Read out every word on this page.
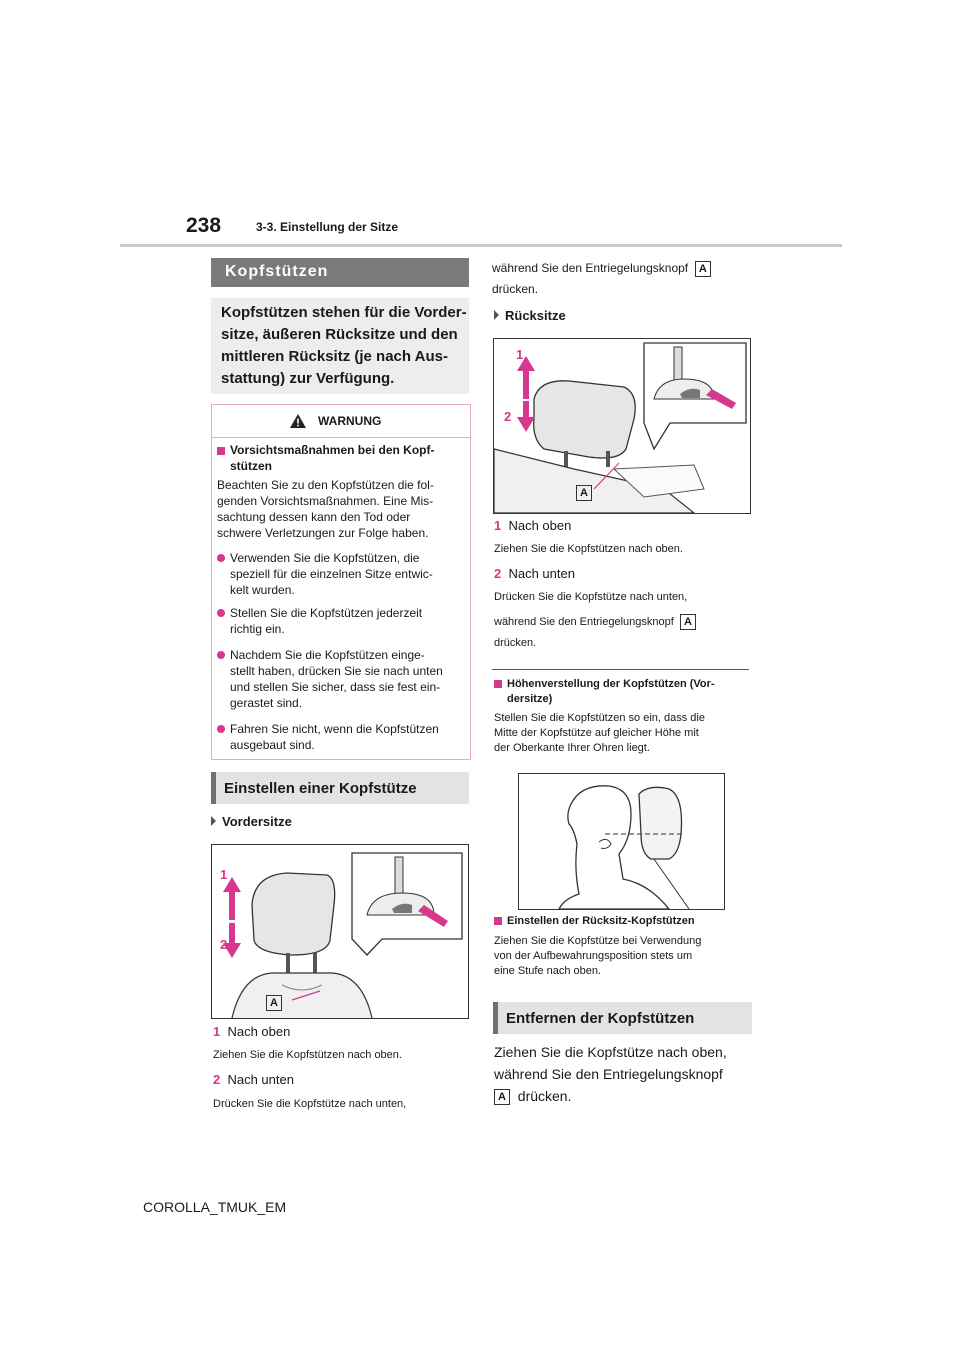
238	3-3. Einstellung der Sitze
Kopfstützen
Kopfstützen stehen für die Vorder-
sitze, äußeren Rücksitze und den
mittleren Rücksitz (je nach Aus-
stattung) zur Verfügung.
WARNUNG
Vorsichtsmaßnahmen bei den Kopf-
stützen
Beachten Sie zu den Kopfstützen die fol-
genden Vorsichtsmaßnahmen. Eine Mis-
sachtung dessen kann den Tod oder
schwere Verletzungen zur Folge haben.
Verwenden Sie die Kopfstützen, die
speziell für die einzelnen Sitze entwic-
kelt wurden.
Stellen Sie die Kopfstützen jederzeit
richtig ein.
Nachdem Sie die Kopfstützen einge-
stellt haben, drücken Sie sie nach unten
und stellen Sie sicher, dass sie fest ein-
gerastet sind.
Fahren Sie nicht, wenn die Kopfstützen
ausgebaut sind.
Einstellen einer Kopfstütze
Vordersitze
1
2
A
1 Nach oben
Ziehen Sie die Kopfstützen nach oben.
2 Nach unten
Drücken Sie die Kopfstütze nach unten,
während Sie den Entriegelungsknopf A
drücken.
Rücksitze
1
2
A
1 Nach oben
Ziehen Sie die Kopfstützen nach oben.
2 Nach unten
Drücken Sie die Kopfstütze nach unten,
während Sie den Entriegelungsknopf A
drücken.
Höhenverstellung der Kopfstützen (Vor-
dersitze)
Stellen Sie die Kopfstützen so ein, dass die
Mitte der Kopfstütze auf gleicher Höhe mit
der Oberkante Ihrer Ohren liegt.
Einstellen der Rücksitz-Kopfstützen
Ziehen Sie die Kopfstütze bei Verwendung
von der Aufbewahrungsposition stets um
eine Stufe nach oben.
Entfernen der Kopfstützen
Ziehen Sie die Kopfstütze nach oben,
während Sie den Entriegelungsknopf
A drücken.
COROLLA_TMUK_EM
